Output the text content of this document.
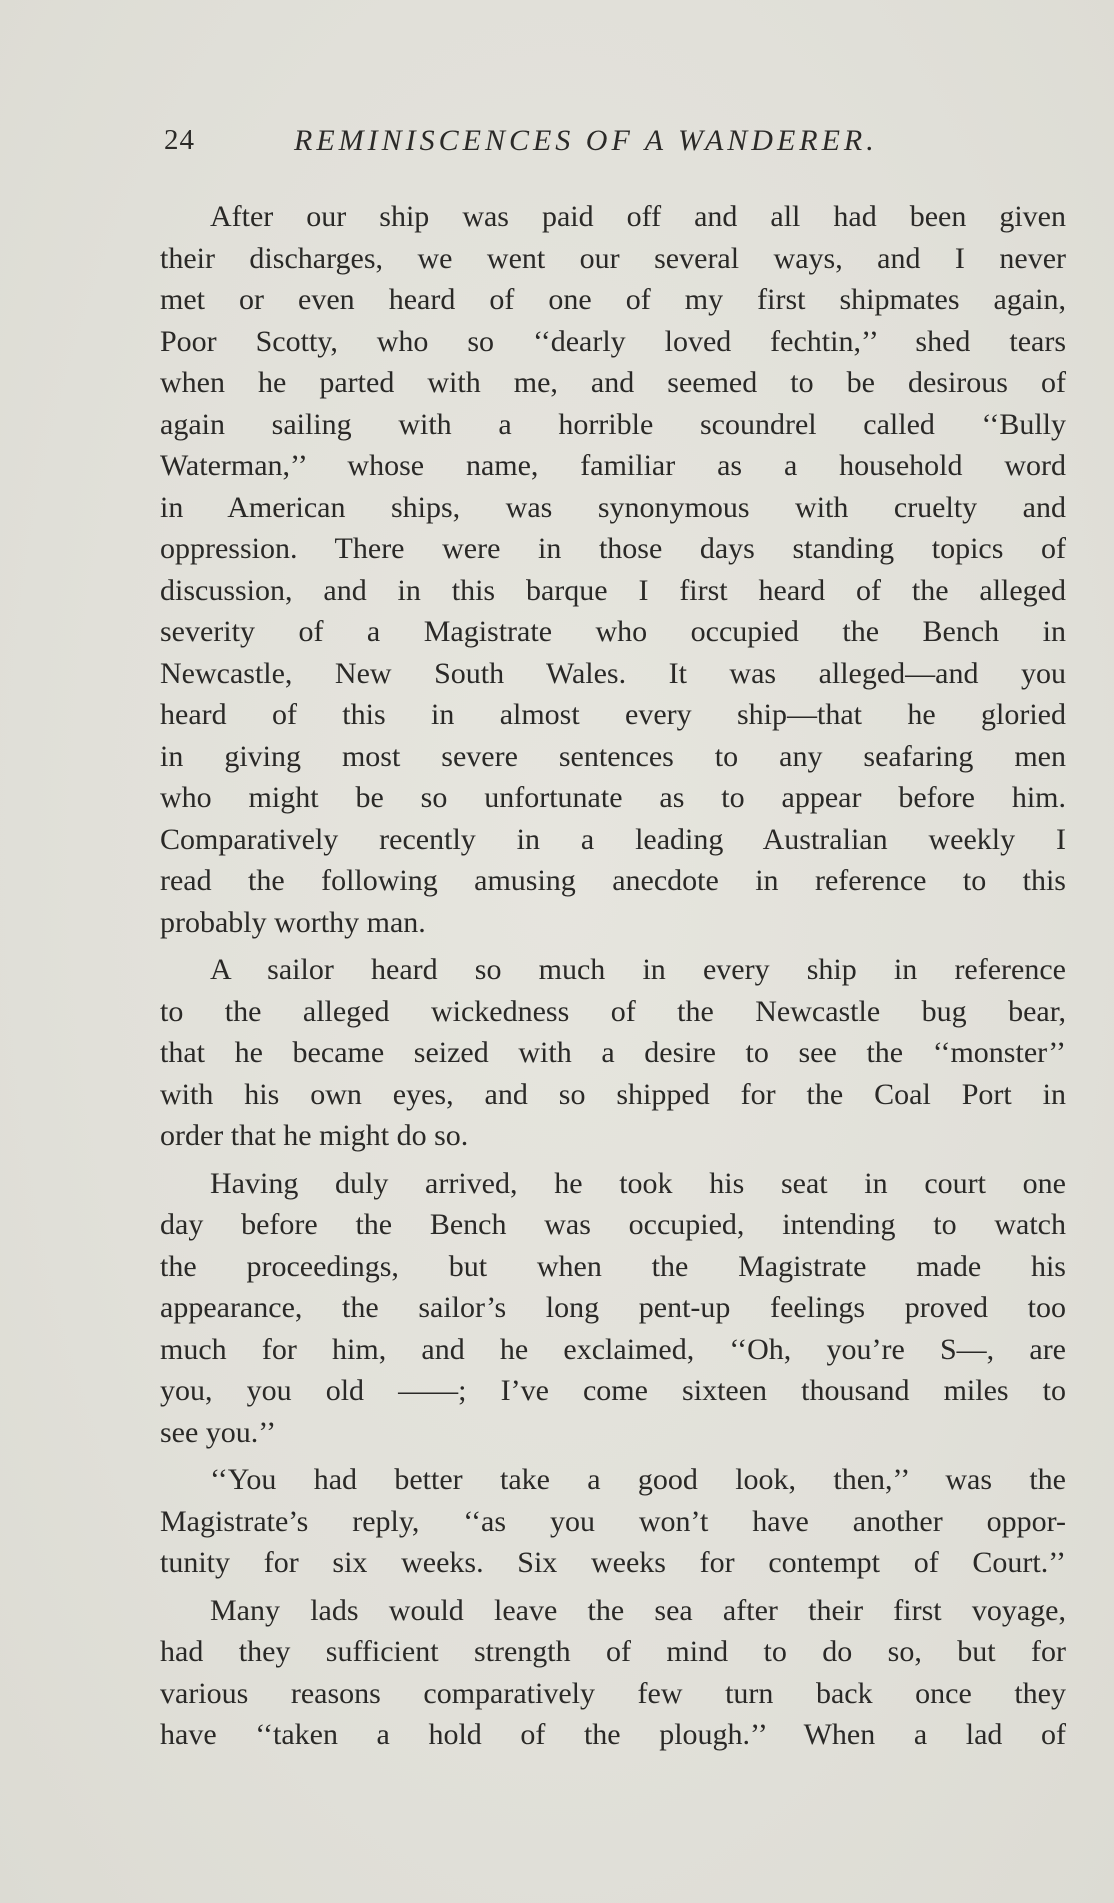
24	REMINISCENCES OF A WANDERER.
After our ship was paid off and all had been given
their discharges, we went our several ways, and I never
met or even heard of one of my first shipmates again,
Poor Scotty, who so ‘‘dearly loved fechtin,’’ shed tears
when he parted with me, and seemed to be desirous of
again sailing with a horrible scoundrel called ‘‘Bully
Waterman,’’ whose name, familiar as a household word
in American ships, was synonymous with cruelty and
oppression. There were in those days standing topics of
discussion, and in this barque I first heard of the alleged
severity of a Magistrate who occupied the Bench in
Newcastle, New South Wales. It was alleged—and you
heard of this in almost every ship—that he gloried
in giving most severe sentences to any seafaring men
who might be so unfortunate as to appear before him.
Comparatively recently in a leading Australian weekly I
read the following amusing anecdote in reference to this
probably worthy man.
A sailor heard so much in every ship in reference
to the alleged wickedness of the Newcastle bug bear,
that he became seized with a desire to see the ‘‘monster’’
with his own eyes, and so shipped for the Coal Port in
order that he might do so.
Having duly arrived, he took his seat in court one
day before the Bench was occupied, intending to watch
the proceedings, but when the Magistrate made his
appearance, the sailor’s long pent-up feelings proved too
much for him, and he exclaimed, ‘‘Oh, you’re S—, are
you, you old ——; I’ve come sixteen thousand miles to
see you.’’
‘‘You had better take a good look, then,’’ was the
Magistrate’s reply, ‘‘as you won’t have another oppor-
tunity for six weeks. Six weeks for contempt of Court.’’
Many lads would leave the sea after their first voyage,
had they sufficient strength of mind to do so, but for
various reasons comparatively few turn back once they
have ‘‘taken a hold of the plough.’’ When a lad of
